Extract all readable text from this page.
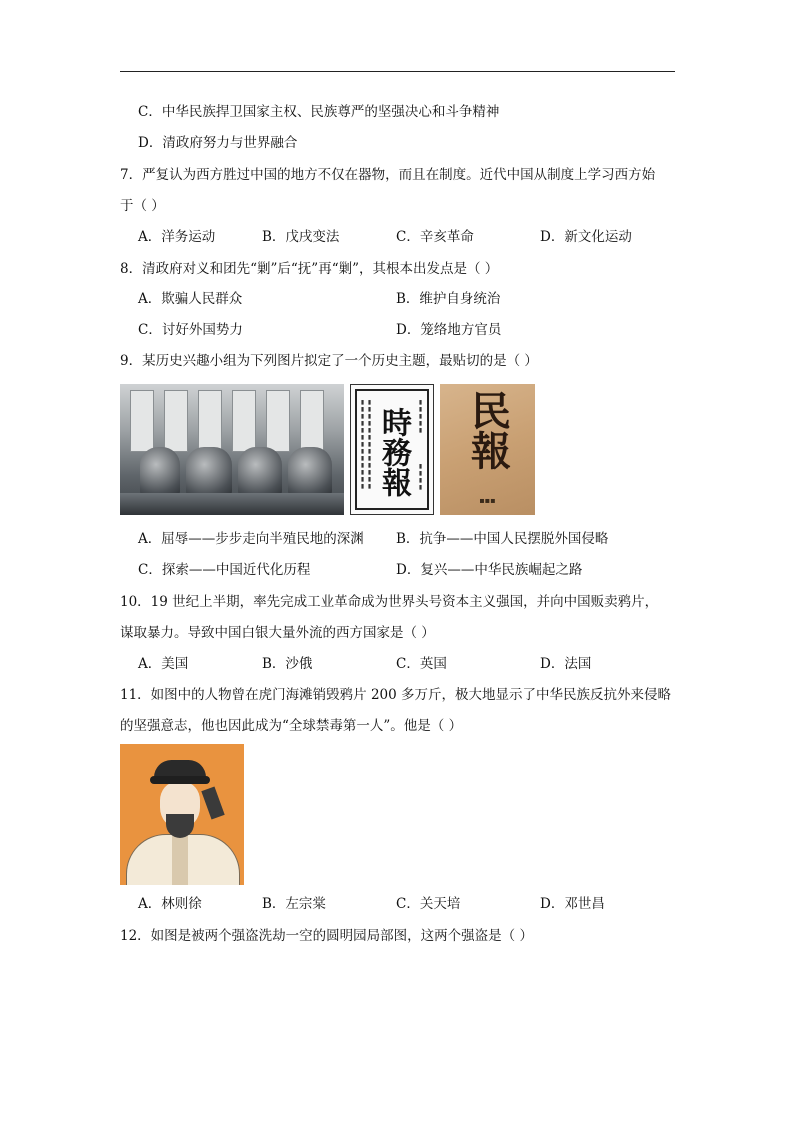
C．中华民族捍卫国家主权、民族尊严的坚强决心和斗争精神
D．清政府努力与世界融合
7．严复认为西方胜过中国的地方不仅在器物，而且在制度。近代中国从制度上学习西方始
于（ ）
A．洋务运动	B．戊戌变法	C．辛亥革命	D．新文化运动
8．清政府对义和团先“剿”后“抚”再“剿”，其根本出发点是（ ）
A．欺骗人民群众	B．维护自身统治
C．讨好外国势力	D．笼络地方官员
9．某历史兴趣小组为下列图片拟定了一个历史主题，最贴切的是（ ）
時務報
▮▮▮▮▮▮▮▮▮▮▮▮▮ ▮▮▮▮▮▮▮▮▮▮▮▮▮	▮▮▮▮▮
▮▮▮▮
民報
▪▪▪
A．屈辱——步步走向半殖民地的深渊 B．抗争——中国人民摆脱外国侵略
C．探索——中国近代化历程	D．复兴——中华民族崛起之路
10．19 世纪上半期，率先完成工业革命成为世界头号资本主义强国，并向中国贩卖鸦片，
谋取暴力。导致中国白银大量外流的西方国家是（ ）
A．美国	B．沙俄	C．英国	D．法国
11．如图中的人物曾在虎门海滩销毁鸦片 200 多万斤，极大地显示了中华民族反抗外来侵略
的坚强意志，他也因此成为“全球禁毒第一人”。他是（ ）
A．林则徐	B．左宗棠	C．关天培	D．邓世昌
12．如图是被两个强盗洗劫一空的圆明园局部图，这两个强盗是（ ）
